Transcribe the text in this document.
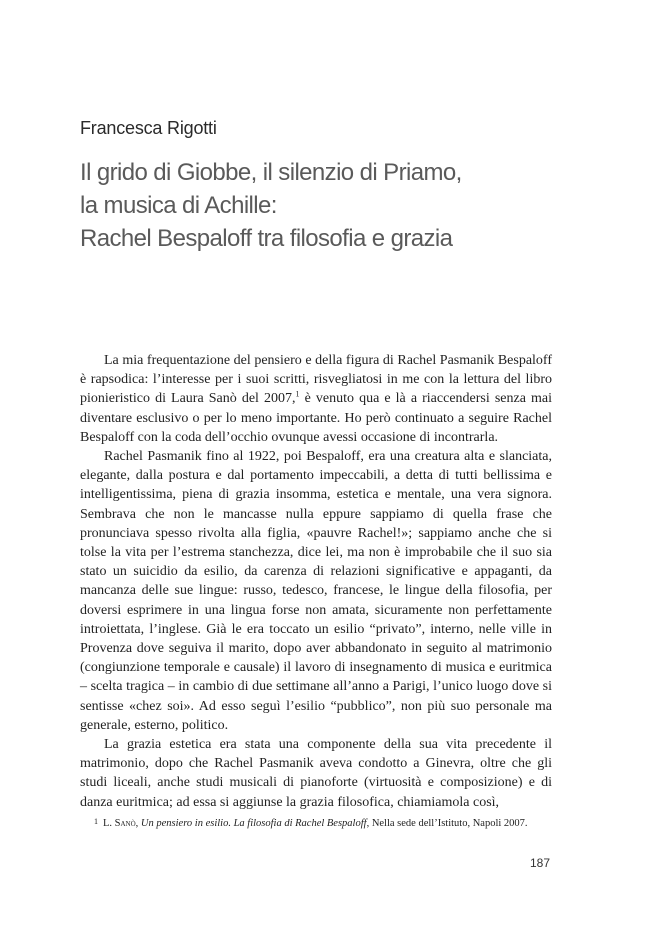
Francesca Rigotti
Il grido di Giobbe, il silenzio di Priamo,
la musica di Achille:
Rachel Bespaloff tra filosofia e grazia

La mia frequentazione del pensiero e della figura di Rachel Pasmanik Bespaloff è rapsodica: l’interesse per i suoi scritti, risvegliatosi in me con la lettura del libro pionieristico di Laura Sanò del 2007,$^1$ è venuto qua e là a riaccendersi senza mai diventare esclusivo o per lo meno importante. Ho però continuato a seguire Rachel Bespaloff con la coda dell’occhio ovunque avessi occasione di incontrarla.

Rachel Pasmanik fino al 1922, poi Bespaloff, era una creatura alta e slanciata, elegante, dalla postura e dal portamento impeccabili, a detta di tutti bellissima e intelligentissima, piena di grazia insomma, estetica e mentale, una vera signora. Sembrava che non le mancasse nulla eppure sappiamo di quella frase che pronunciava spesso rivolta alla figlia, «pauvre Rachel!»; sappiamo anche che si tolse la vita per l’estrema stanchezza, dice lei, ma non è improbabile che il suo sia stato un suicidio da esilio, da carenza di relazioni significative e appaganti, da mancanza delle sue lingue: russo, tedesco, francese, le lingue della filosofia, per doversi esprimere in una lingua forse non amata, sicuramente non perfettamente introiettata, l’inglese. Già le era toccato un esilio “privato”, interno, nelle ville in Provenza dove seguiva il marito, dopo aver abbandonato in seguito al matrimonio (congiunzione temporale e causale) il lavoro di insegnamento di musica e euritmica – scelta tragica – in cambio di due settimane all’anno a Parigi, l’unico luogo dove si sentisse «chez soi». Ad esso seguì l’esilio “pubblico”, non più suo personale ma generale, esterno, politico.

La grazia estetica era stata una componente della sua vita precedente il matrimonio, dopo che Rachel Pasmanik aveva condotto a Ginevra, oltre che gli studi liceali, anche studi musicali di pianoforte (virtuosità e composizione) e di danza euritmica; ad essa si aggiunse la grazia filosofica, chiamiamola così,

1 L. Sanò, Un pensiero in esilio. La filosofia di Rachel Bespaloff, Nella sede dell’Istituto, Napoli 2007.
187
